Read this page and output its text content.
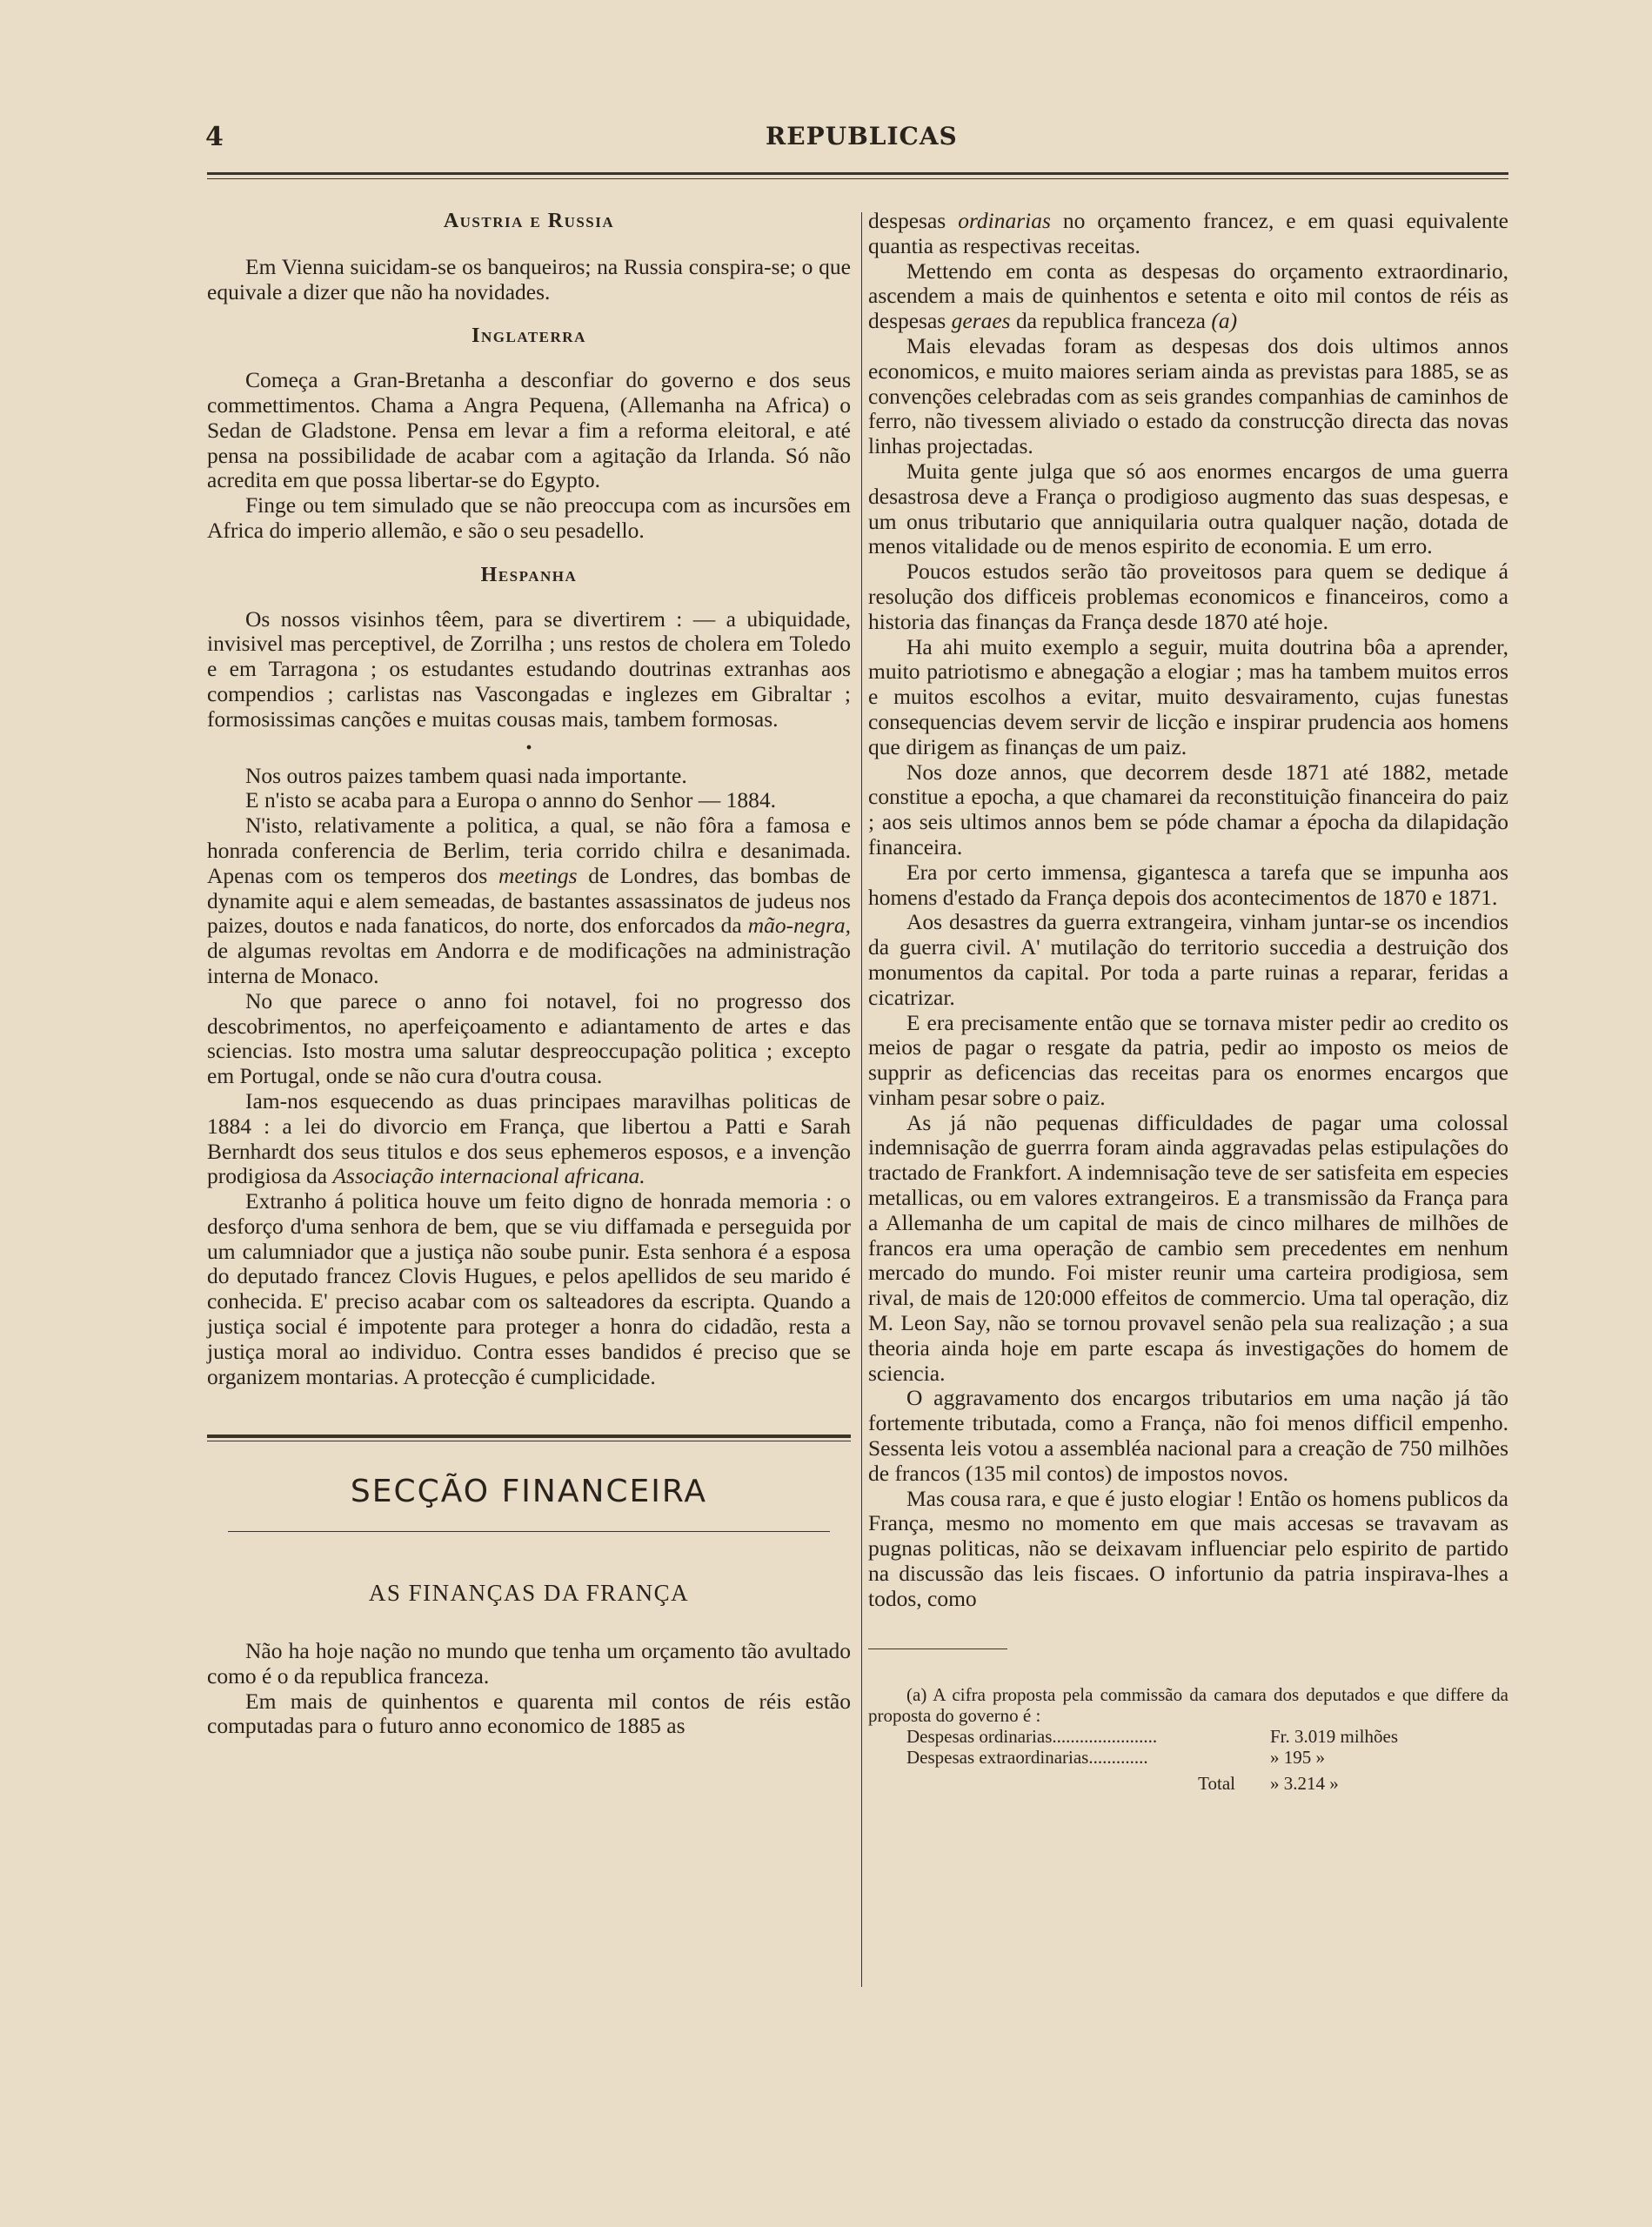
4	REPUBLICAS
Austria e Russia

Em Vienna suicidam-se os banqueiros; na Russia conspira-se; o que equivale a dizer que não ha novidades.

Inglaterra

Começa a Gran-Bretanha a desconfiar do governo e dos seus commettimentos. Chama a Angra Pequena, (Allemanha na Africa) o Sedan de Gladstone. Pensa em levar a fim a reforma eleitoral, e até pensa na possibilidade de acabar com a agitação da Irlanda. Só não acredita em que possa libertar-se do Egypto.

Finge ou tem simulado que se não preoccupa com as incursões em Africa do imperio allemão, e são o seu pesadello.

Hespanha

Os nossos visinhos têem, para se divertirem : — a ubiquidade, invisivel mas perceptivel, de Zorrilha ; uns restos de cholera em Toledo e em Tarragona ; os estudantes estudando doutrinas extranhas aos compendios ; carlistas nas Vascongadas e inglezes em Gibraltar ; formosissimas canções e muitas cousas mais, tambem formosas.

•

Nos outros paizes tambem quasi nada importante.

E n'isto se acaba para a Europa o annno do Senhor — 1884.

N'isto, relativamente a politica, a qual, se não fôra a famosa e honrada conferencia de Berlim, teria corrido chilra e desanimada. Apenas com os temperos dos meetings de Londres, das bombas de dynamite aqui e alem semeadas, de bastantes assassinatos de judeus nos paizes, doutos e nada fanaticos, do norte, dos enforcados da mão-negra, de algumas revoltas em Andorra e de modificações na administração interna de Monaco.

No que parece o anno foi notavel, foi no progresso dos descobrimentos, no aperfeiçoamento e adiantamento de artes e das sciencias. Isto mostra uma salutar despreoccupação politica ; excepto em Portugal, onde se não cura d'outra cousa.

Iam-nos esquecendo as duas principaes maravilhas politicas de 1884 : a lei do divorcio em França, que libertou a Patti e Sarah Bernhardt dos seus titulos e dos seus ephemeros esposos, e a invenção prodigiosa da Associação internacional africana.

Extranho á politica houve um feito digno de honrada memoria : o desforço d'uma senhora de bem, que se viu diffamada e perseguida por um calumniador que a justiça não soube punir. Esta senhora é a esposa do deputado francez Clovis Hugues, e pelos apellidos de seu marido é conhecida. E' preciso acabar com os salteadores da escripta. Quando a justiça social é impotente para proteger a honra do cidadão, resta a justiça moral ao individuo. Contra esses bandidos é preciso que se organizem montarias. A protecção é cumplicidade.

SECÇÃO FINANCEIRA
AS FINANÇAS DA FRANÇA

Não ha hoje nação no mundo que tenha um orçamento tão avultado como é o da republica franceza.

Em mais de quinhentos e quarenta mil contos de réis estão computadas para o futuro anno economico de 1885 as

despesas ordinarias no orçamento francez, e em quasi equivalente quantia as respectivas receitas.

Mettendo em conta as despesas do orçamento extraordinario, ascendem a mais de quinhentos e setenta e oito mil contos de réis as despesas geraes da republica franceza (a)

Mais elevadas foram as despesas dos dois ultimos annos economicos, e muito maiores seriam ainda as previstas para 1885, se as convenções celebradas com as seis grandes companhias de caminhos de ferro, não tivessem aliviado o estado da construcção directa das novas linhas projectadas.

Muita gente julga que só aos enormes encargos de uma guerra desastrosa deve a França o prodigioso augmento das suas despesas, e um onus tributario que anniquilaria outra qualquer nação, dotada de menos vitalidade ou de menos espirito de economia. E um erro.

Poucos estudos serão tão proveitosos para quem se dedique á resolução dos difficeis problemas economicos e financeiros, como a historia das finanças da França desde 1870 até hoje.

Ha ahi muito exemplo a seguir, muita doutrina bôa a aprender, muito patriotismo e abnegação a elogiar ; mas ha tambem muitos erros e muitos escolhos a evitar, muito desvairamento, cujas funestas consequencias devem servir de licção e inspirar prudencia aos homens que dirigem as finanças de um paiz.

Nos doze annos, que decorrem desde 1871 até 1882, metade constitue a epocha, a que chamarei da reconstituição financeira do paiz ; aos seis ultimos annos bem se póde chamar a épocha da dilapidação financeira.

Era por certo immensa, gigantesca a tarefa que se impunha aos homens d'estado da França depois dos acontecimentos de 1870 e 1871.

Aos desastres da guerra extrangeira, vinham juntar-se os incendios da guerra civil. A' mutilação do territorio succedia a destruição dos monumentos da capital. Por toda a parte ruinas a reparar, feridas a cicatrizar.

E era precisamente então que se tornava mister pedir ao credito os meios de pagar o resgate da patria, pedir ao imposto os meios de supprir as deficencias das receitas para os enormes encargos que vinham pesar sobre o paiz.

As já não pequenas difficuldades de pagar uma colossal indemnisação de guerrra foram ainda aggravadas pelas estipulações do tractado de Frankfort. A indemnisação teve de ser satisfeita em especies metallicas, ou em valores extrangeiros. E a transmissão da França para a Allemanha de um capital de mais de cinco milhares de milhões de francos era uma operação de cambio sem precedentes em nenhum mercado do mundo. Foi mister reunir uma carteira prodigiosa, sem rival, de mais de 120:000 effeitos de commercio. Uma tal operação, diz M. Leon Say, não se tornou provavel senão pela sua realização ; a sua theoria ainda hoje em parte escapa ás investigações do homem de sciencia.

O aggravamento dos encargos tributarios em uma nação já tão fortemente tributada, como a França, não foi menos difficil empenho. Sessenta leis votou a assembléa nacional para a creação de 750 milhões de francos (135 mil contos) de impostos novos.

Mas cousa rara, e que é justo elogiar ! Então os homens publicos da França, mesmo no momento em que mais accesas se travavam as pugnas politicas, não se deixavam influenciar pelo espirito de partido na discussão das leis fiscaes. O infortunio da patria inspirava-lhes a todos, como

(a) A cifra proposta pela commissão da camara dos deputados e que differe da proposta do governo é :

Despesas ordinarias.......................	Fr. 3.019 milhões
Despesas extraordinarias.............	» 195 »
Total » 3.214 »
